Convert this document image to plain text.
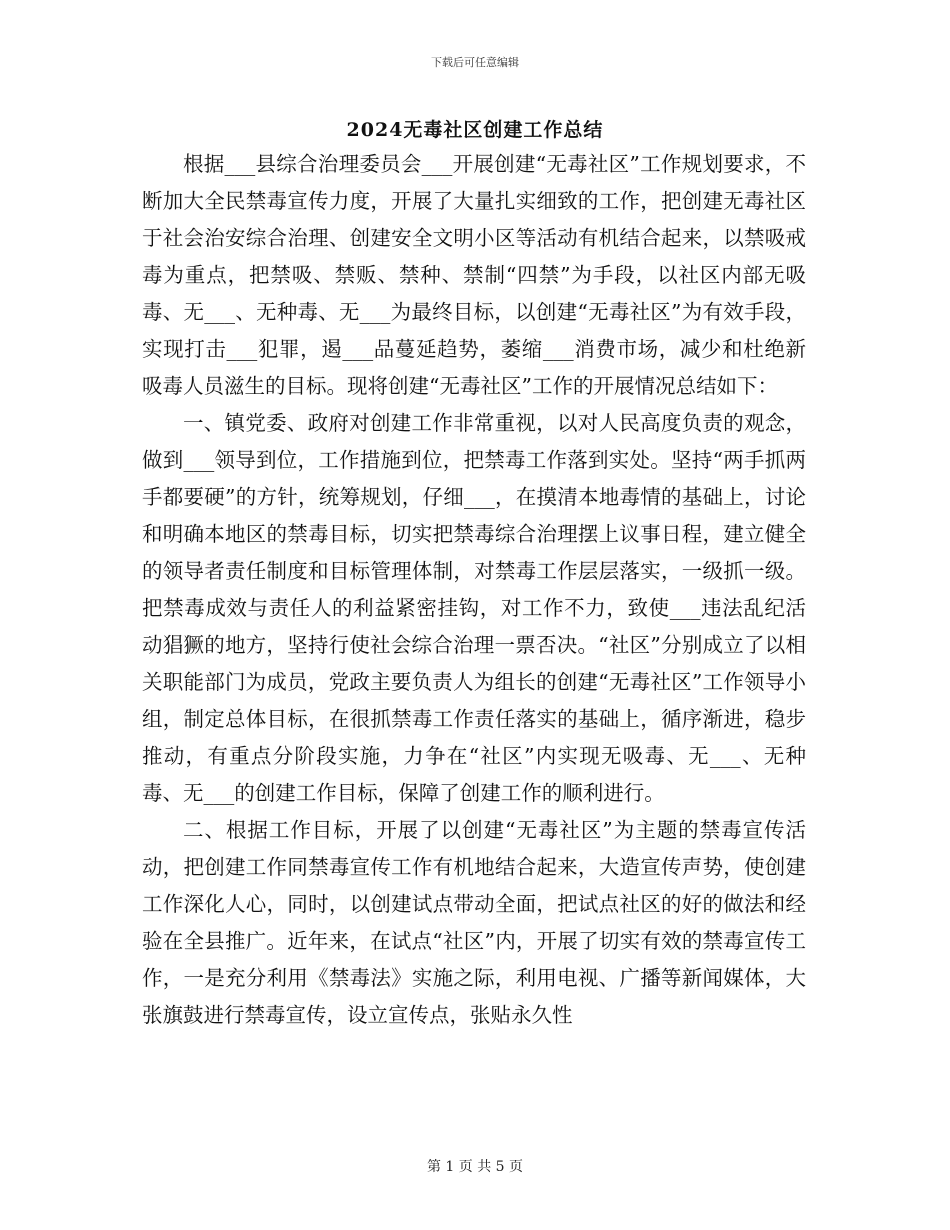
下载后可任意编辑
2024无毒社区创建工作总结

根据___县综合治理委员会___开展创建“无毒社区”工作规划要求，不断加大全民禁毒宣传力度，开展了大量扎实细致的工作，把创建无毒社区于社会治安综合治理、创建安全文明小区等活动有机结合起来，以禁吸戒毒为重点，把禁吸、禁贩、禁种、禁制“四禁”为手段，以社区内部无吸毒、无___、无种毒、无___为最终目标，以创建“无毒社区”为有效手段，实现打击___犯罪，遏___品蔓延趋势，萎缩___消费市场，减少和杜绝新吸毒人员滋生的目标。现将创建“无毒社区”工作的开展情况总结如下：

一、镇党委、政府对创建工作非常重视，以对人民高度负责的观念，做到___领导到位，工作措施到位，把禁毒工作落到实处。坚持“两手抓两手都要硬”的方针，统筹规划，仔细___，在摸清本地毒情的基础上，讨论和明确本地区的禁毒目标，切实把禁毒综合治理摆上议事日程，建立健全的领导者责任制度和目标管理体制，对禁毒工作层层落实，一级抓一级。把禁毒成效与责任人的利益紧密挂钩，对工作不力，致使___违法乱纪活动猖獗的地方，坚持行使社会综合治理一票否决。“社区”分别成立了以相关职能部门为成员，党政主要负责人为组长的创建“无毒社区”工作领导小组，制定总体目标，在很抓禁毒工作责任落实的基础上，循序渐进，稳步推动，有重点分阶段实施，力争在“社区”内实现无吸毒、无___、无种毒、无___的创建工作目标，保障了创建工作的顺利进行。

二、根据工作目标，开展了以创建“无毒社区”为主题的禁毒宣传活动，把创建工作同禁毒宣传工作有机地结合起来，大造宣传声势，使创建工作深化人心，同时，以创建试点带动全面，把试点社区的好的做法和经验在全县推广。近年来，在试点“社区”内，开展了切实有效的禁毒宣传工作，一是充分利用《禁毒法》实施之际，利用电视、广播等新闻媒体，大张旗鼓进行禁毒宣传，设立宣传点，张贴永久性

第 1 页 共 5 页
